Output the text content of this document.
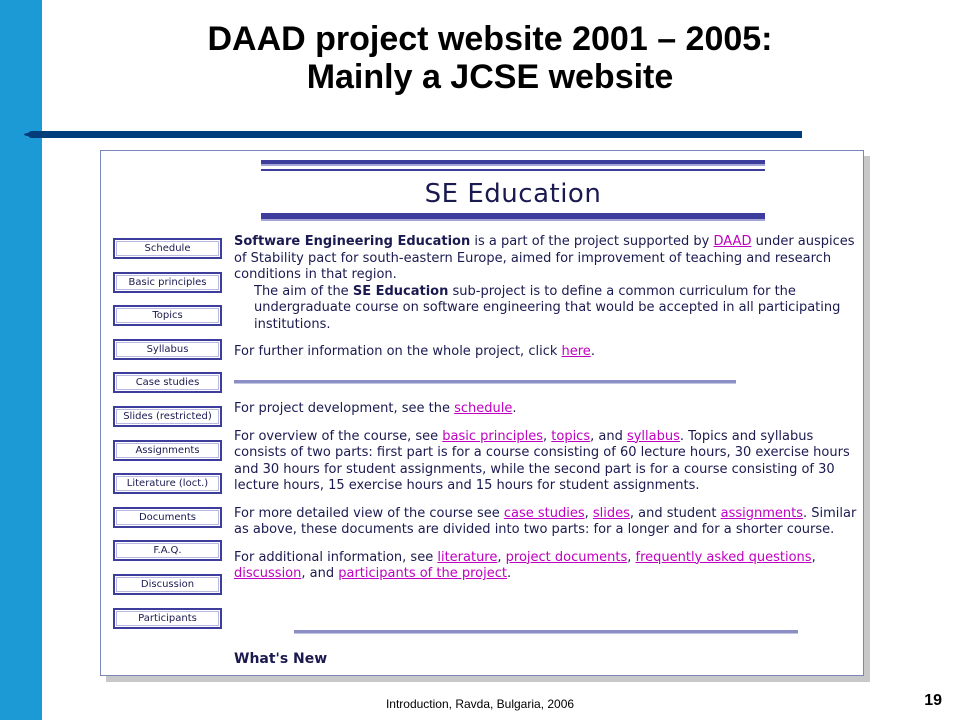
DAAD project website 2001 – 2005:
Mainly a JCSE website
SE Education
Schedule
Basic principles
Topics
Syllabus
Case studies
Slides (restricted)
Assignments
Literature (loct.)
Documents
F.A.Q.
Discussion
Participants

Software Engineering Education is a part of the project supported by DAAD under auspices of Stability pact for south-eastern Europe, aimed for improvement of teaching and research conditions in that region.

The aim of the SE Education sub-project is to define a common curriculum for the undergraduate course on software engineering that would be accepted in all participating institutions.

For further information on the whole project, click here.

For project development, see the schedule.

For overview of the course, see basic principles, topics, and syllabus. Topics and syllabus consists of two parts: first part is for a course consisting of 60 lecture hours, 30 exercise hours and 30 hours for student assignments, while the second part is for a course consisting of 30 lecture hours, 15 exercise hours and 15 hours for student assignments.

For more detailed view of the course see case studies, slides, and student assignments. Similar as above, these documents are divided into two parts: for a longer and for a shorter course.

For additional information, see literature, project documents, frequently asked questions, discussion, and participants of the project.

What's New
Introduction, Ravda, Bulgaria, 2006	19
